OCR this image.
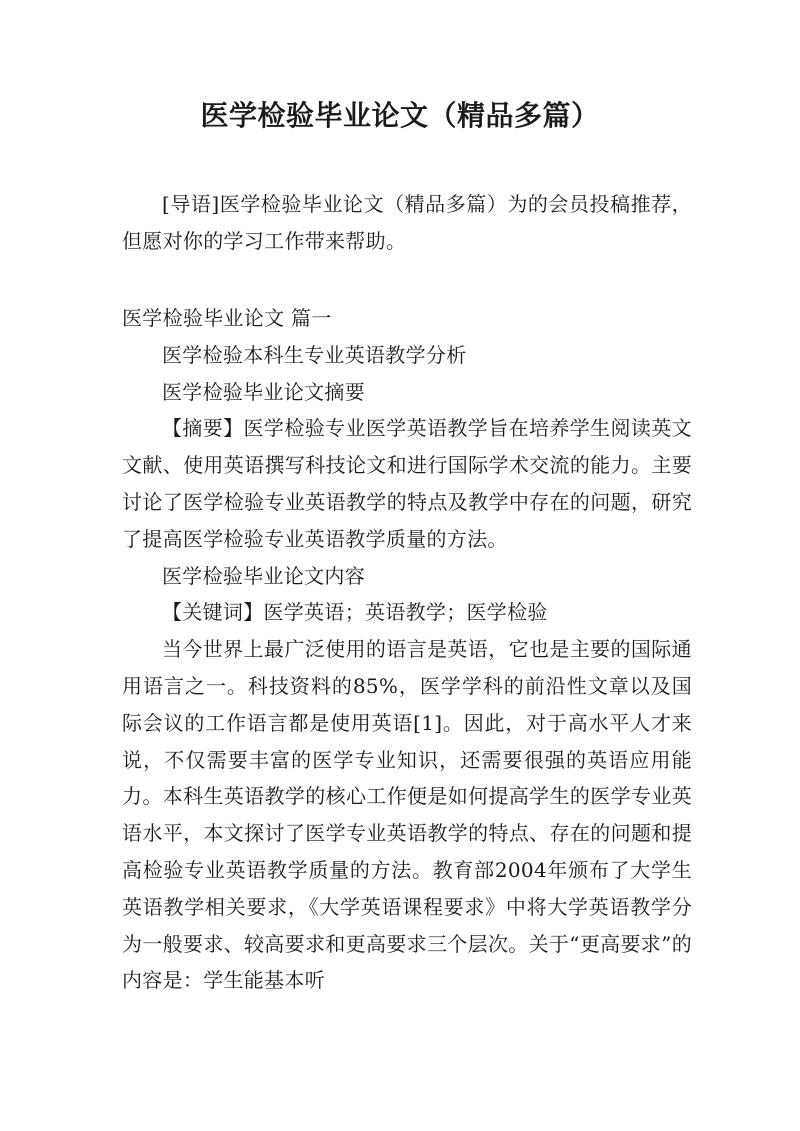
医学检验毕业论文（精品多篇）

[导语]医学检验毕业论文（精品多篇）为的会员投稿推荐，但愿对你的学习工作带来帮助。

医学检验毕业论文 篇一

医学检验本科生专业英语教学分析

医学检验毕业论文摘要

【摘要】医学检验专业医学英语教学旨在培养学生阅读英文文献、使用英语撰写科技论文和进行国际学术交流的能力。主要讨论了医学检验专业英语教学的特点及教学中存在的问题，研究了提高医学检验专业英语教学质量的方法。

医学检验毕业论文内容

【关键词】医学英语；英语教学；医学检验

当今世界上最广泛使用的语言是英语，它也是主要的国际通用语言之一。科技资料的85%，医学学科的前沿性文章以及国际会议的工作语言都是使用英语[1]。因此，对于高水平人才来说，不仅需要丰富的医学专业知识，还需要很强的英语应用能力。本科生英语教学的核心工作便是如何提高学生的医学专业英语水平，本文探讨了医学专业英语教学的特点、存在的问题和提高检验专业英语教学质量的方法。教育部2004年颁布了大学生英语教学相关要求，《大学英语课程要求》中将大学英语教学分为一般要求、较高要求和更高要求三个层次。关于“更高要求”的内容是：学生能基本听
